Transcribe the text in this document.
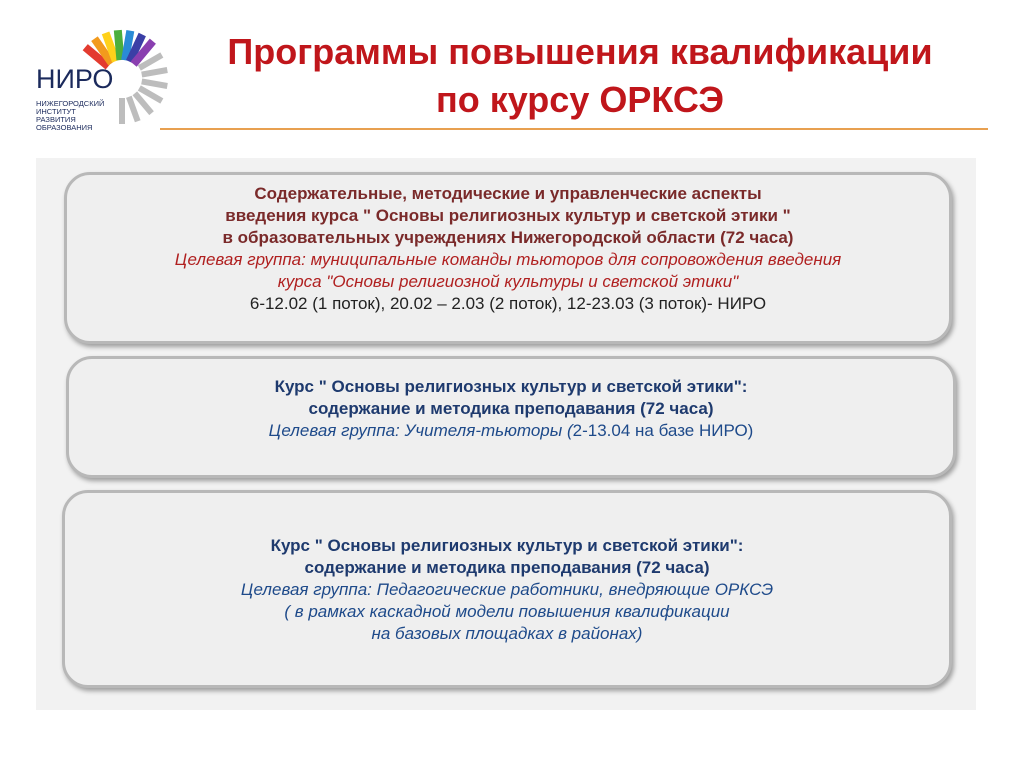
НИРО
НИЖЕГОРОДСКИЙ
ИНСТИТУТ
РАЗВИТИЯ
ОБРАЗОВАНИЯ
Программы повышения квалификации
по курсу ОРКСЭ
Содержательные, методические и управленческие аспекты
введения курса " Основы религиозных культур и светской этики "
в образовательных учреждениях Нижегородской области (72 часа)
Целевая группа: муниципальные команды тьюторов для сопровождения введения
курса "Основы религиозной культуры и светской этики"
6-12.02 (1 поток), 20.02 – 2.03 (2 поток), 12-23.03 (3 поток)- НИРО
Курс " Основы религиозных культур и светской этики":
содержание и методика преподавания (72 часа)
Целевая группа: Учителя-тьюторы (2-13.04 на базе НИРО)
Курс " Основы религиозных культур и светской этики":
содержание и методика преподавания (72 часа)
Целевая группа: Педагогические работники, внедряющие ОРКСЭ
( в рамках каскадной модели повышения квалификации
на базовых площадках в районах)
